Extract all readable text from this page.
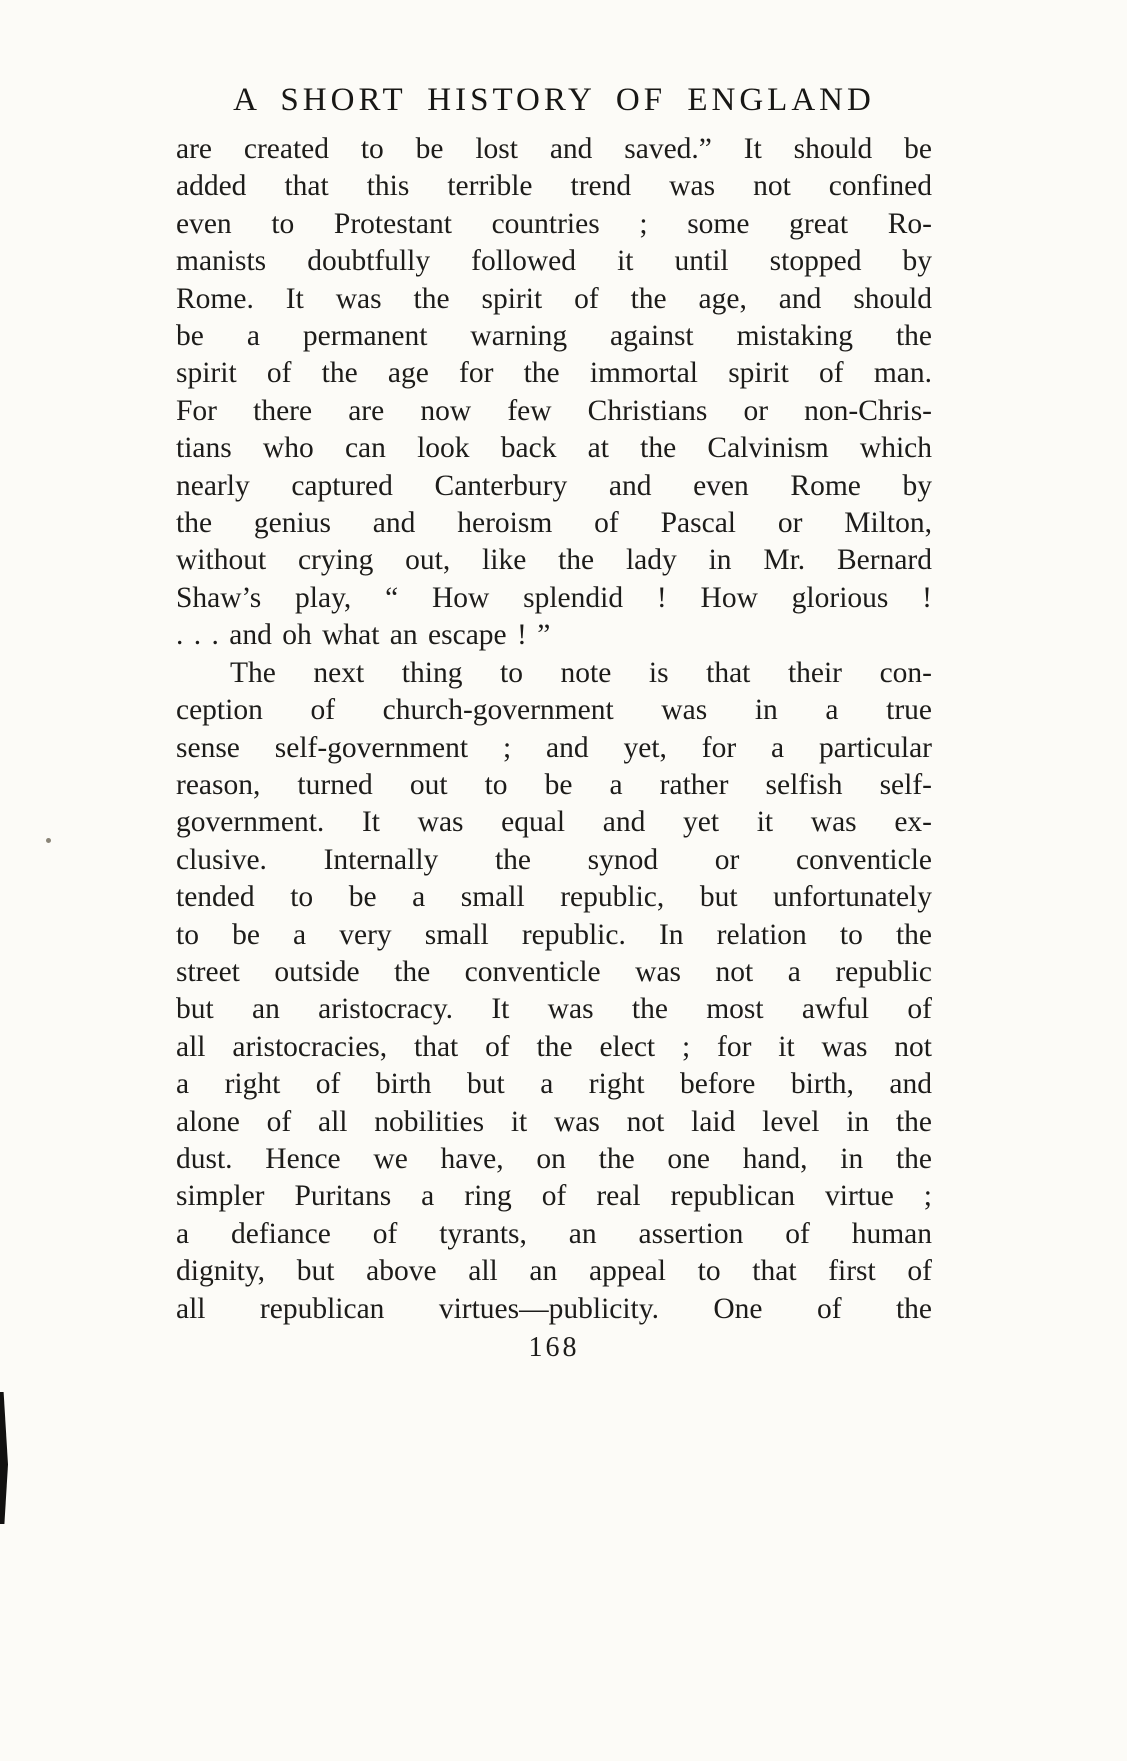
A SHORT HISTORY OF ENGLAND
are created to be lost and saved.” It should be
added that this terrible trend was not confined
even to Protestant countries ; some great Ro-
manists doubtfully followed it until stopped by
Rome. It was the spirit of the age, and should
be a permanent warning against mistaking the
spirit of the age for the immortal spirit of man.
For there are now few Christians or non-Chris-
tians who can look back at the Calvinism which
nearly captured Canterbury and even Rome by
the genius and heroism of Pascal or Milton,
without crying out, like the lady in Mr. Bernard
Shaw’s play, “ How splendid ! How glorious !
. . . and oh what an escape ! ”
The next thing to note is that their con-
ception of church-government was in a true
sense self-government ; and yet, for a particular
reason, turned out to be a rather selfish self-
government. It was equal and yet it was ex-
clusive. Internally the synod or conventicle
tended to be a small republic, but unfortunately
to be a very small republic. In relation to the
street outside the conventicle was not a republic
but an aristocracy. It was the most awful of
all aristocracies, that of the elect ; for it was not
a right of birth but a right before birth, and
alone of all nobilities it was not laid level in the
dust. Hence we have, on the one hand, in the
simpler Puritans a ring of real republican virtue ;
a defiance of tyrants, an assertion of human
dignity, but above all an appeal to that first of
all republican virtues—publicity. One of the
168
